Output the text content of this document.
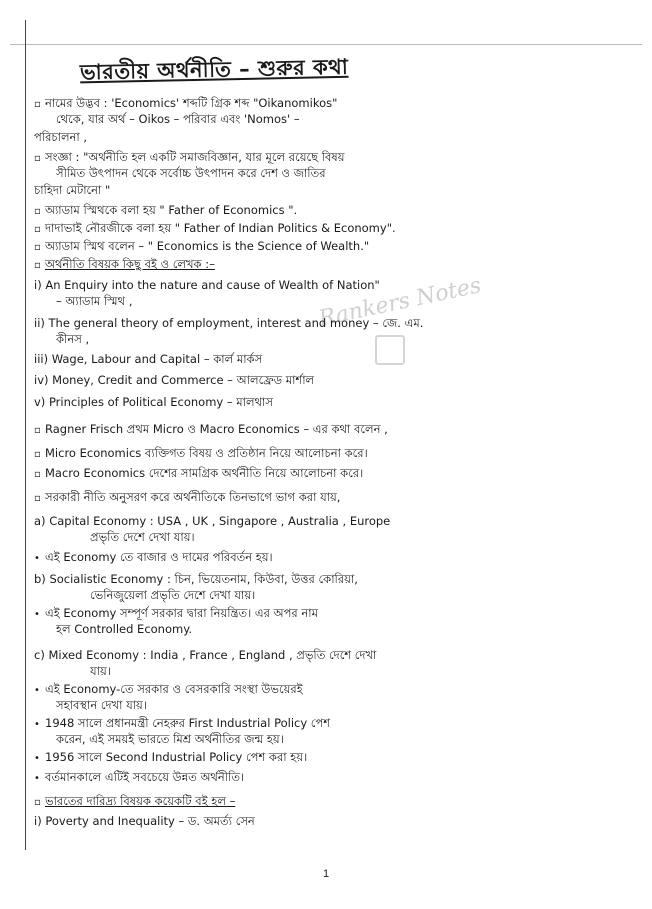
ভারতীয় অর্থনীতি – শুরুর কথা
Rankers Notes
▫ নামের উদ্ভব : 'Economics' শব্দটি গ্রিক শব্দ "Oikanomikos"
থেকে, যার অর্থ – Oikos – পরিবার এবং 'Nomos' –
পরিচালনা ,
▫ সংজ্ঞা : "অর্থনীতি হল একটি সমাজবিজ্ঞান, যার মূলে রয়েছে বিষয়
সীমিত উৎপাদন থেকে সর্বোচ্চ উৎপাদন করে দেশ ও জাতির
চাহিদা মেটানো "
▫ অ্যাডাম স্মিথকে বলা হয় " Father of Economics ".
▫ দাদাভাই নৌরজীকে বলা হয় " Father of Indian Politics & Economy".
▫ অ্যাডাম স্মিথ বলেন – " Economics is the Science of Wealth."
▫ অর্থনীতি বিষয়ক কিছু বই ও লেখক :–
i) An Enquiry into the nature and cause of Wealth of Nation"
– অ্যাডাম স্মিথ ,
ii) The general theory of employment, interest and money – জে. এম.
কীনস ,
iii) Wage, Labour and Capital – কার্ল মার্কস
iv) Money, Credit and Commerce – আলফ্রেড মার্শাল
v) Principles of Political Economy – মালথাস
▫ Ragner Frisch প্রথম Micro ও Macro Economics – এর কথা বলেন ,
▫ Micro Economics ব্যক্তিগত বিষয় ও প্রতিষ্ঠান নিয়ে আলোচনা করে।
▫ Macro Economics দেশের সামগ্রিক অর্থনীতি নিয়ে আলোচনা করে।
▫ সরকারী নীতি অনুসরণ করে অর্থনীতিকে তিনভাগে ভাগ করা যায়,
a) Capital Economy : USA , UK , Singapore , Australia , Europe
প্রভৃতি দেশে দেখা যায়।
• এই Economy তে বাজার ও দামের পরিবর্তন হয়।
b) Socialistic Economy : চিন, ভিয়েতনাম, কিউবা, উত্তর কোরিয়া,
ভেনিজুয়েলা প্রভৃতি দেশে দেখা যায়।
• এই Economy সম্পূর্ণ সরকার দ্বারা নিয়ন্ত্রিত। এর অপর নাম
হল Controlled Economy.
c) Mixed Economy : India , France , England , প্রভৃতি দেশে দেখা
যায়।
• এই Economy-তে সরকার ও বেসরকারি সংস্থা উভয়েরই
সহাবস্থান দেখা যায়।
• 1948 সালে প্রধানমন্ত্রী নেহরুর First Industrial Policy পেশ
করেন, এই সময়ই ভারতে মিশ্র অর্থনীতির জন্ম হয়।
• 1956 সালে Second Industrial Policy পেশ করা হয়।
• বর্তমানকালে এটিই সবচেয়ে উন্নত অর্থনীতি।
▫ ভারতের দারিদ্র্য বিষয়ক কয়েকটি বই হল –
i) Poverty and Inequality – ড. অমর্ত্য সেন
1
